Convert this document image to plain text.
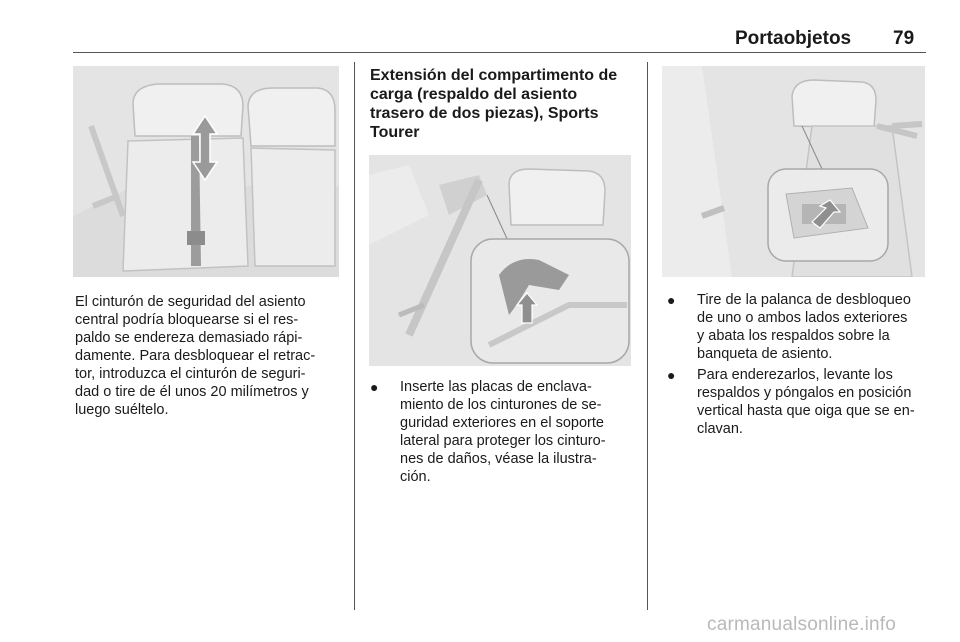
Portaobjetos 79
El cinturón de seguridad del asiento
central podría bloquearse si el res-
paldo se endereza demasiado rápi-
damente. Para desbloquear el retrac-
tor, introduzca el cinturón de seguri-
dad o tire de él unos 20 milímetros y
luego suéltelo.
Extensión del compartimento de
carga (respaldo del asiento
trasero de dos piezas), Sports
Tourer
● Inserte las placas de enclava-
miento de los cinturones de se-
guridad exteriores en el soporte
lateral para proteger los cinturo-
nes de daños, véase la ilustra-
ción.
● Tire de la palanca de desbloqueo
de uno o ambos lados exteriores
y abata los respaldos sobre la
banqueta de asiento.
● Para enderezarlos, levante los
respaldos y póngalos en posición
vertical hasta que oiga que se en-
clavan.
carmanualsonline.info
